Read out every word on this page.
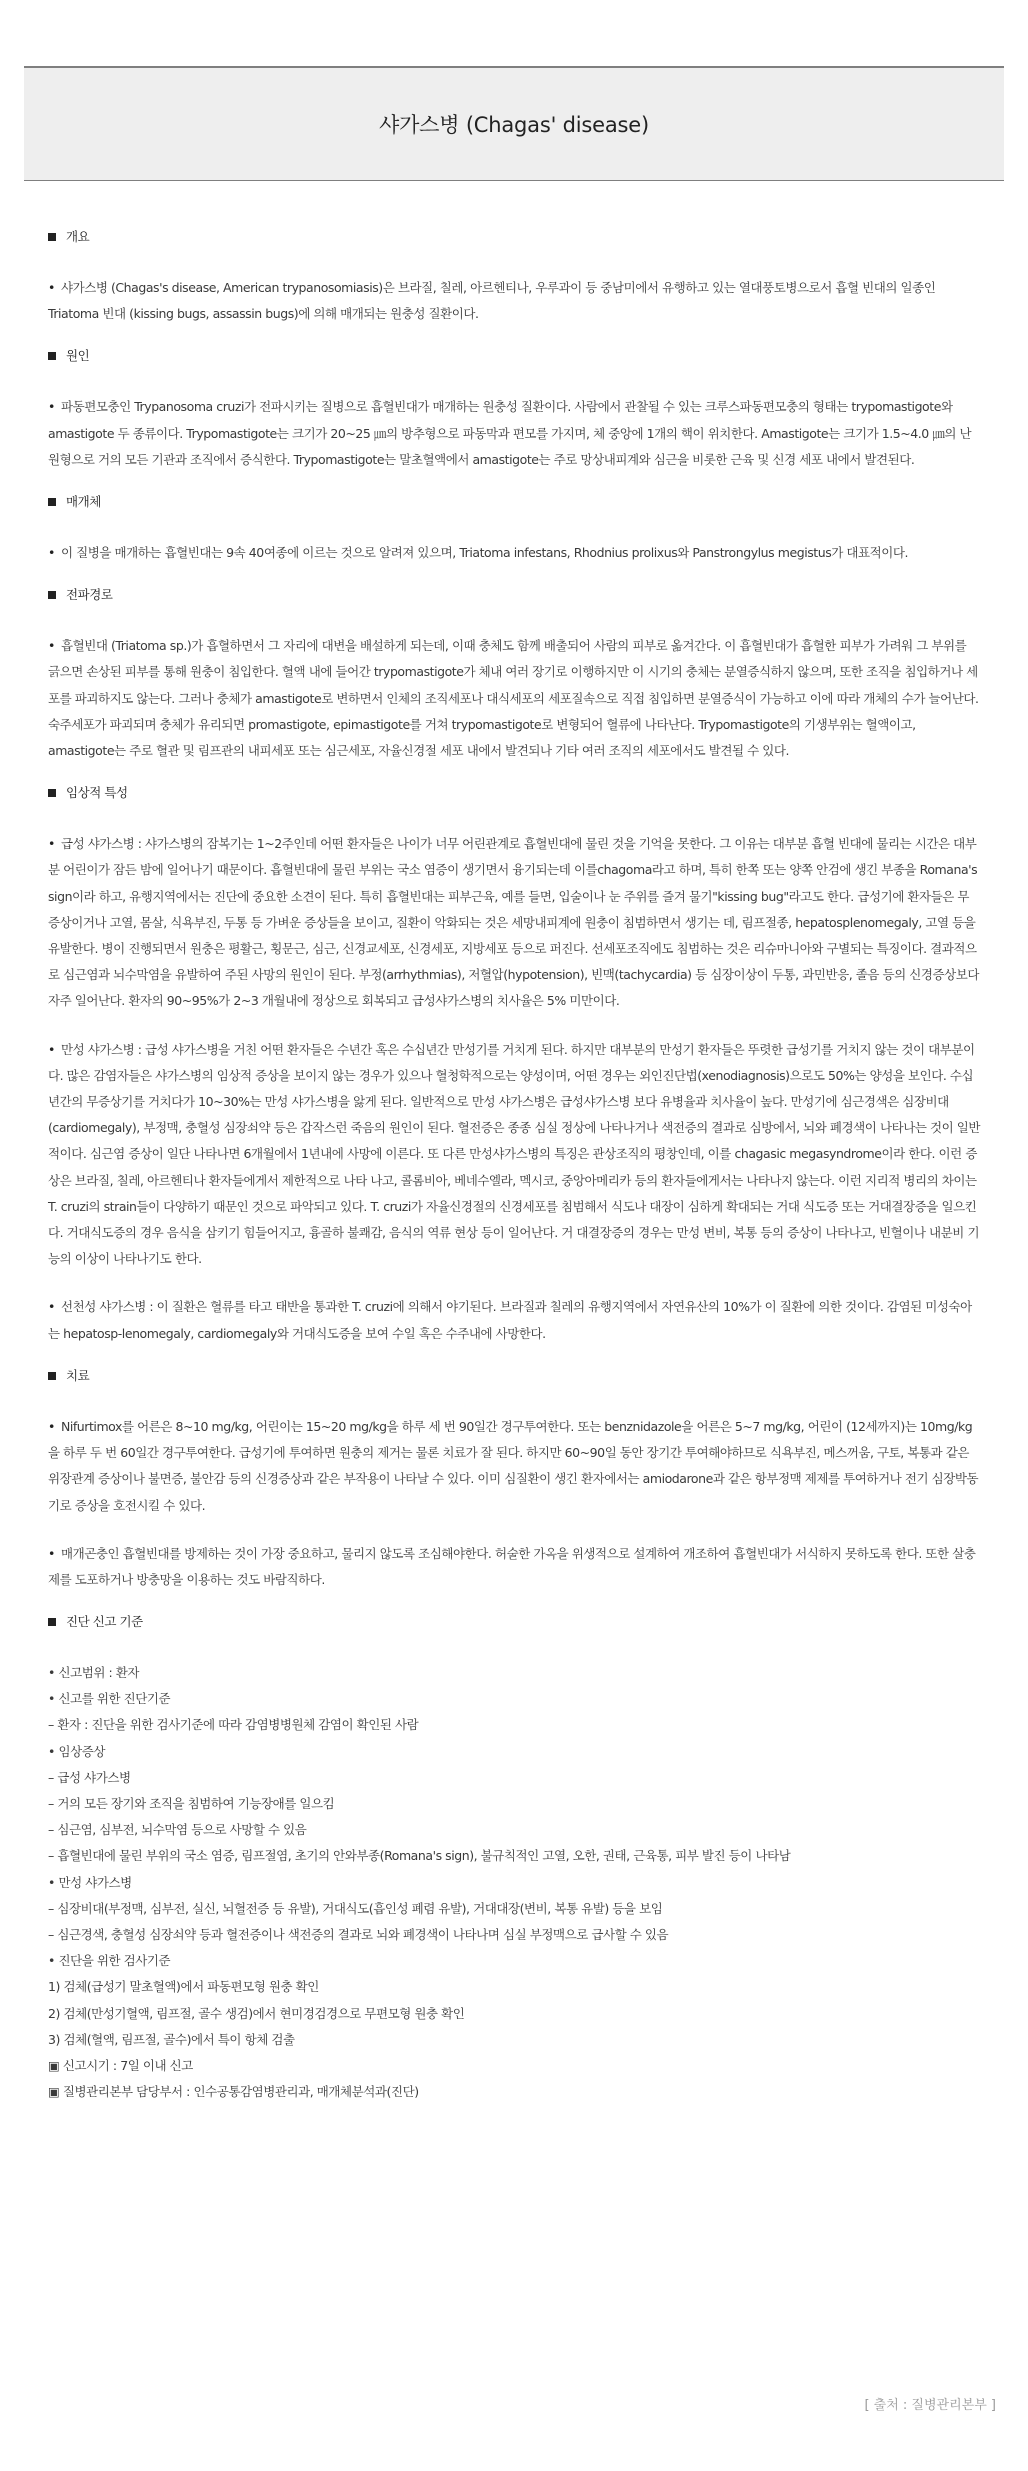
샤가스병 (Chagas' disease)
개요

• 샤가스병 (Chagas's disease, American trypanosomiasis)은 브라질, 칠레, 아르헨티나, 우루과이 등 중남미에서 유행하고 있는 열대풍토병으로서 흡혈 빈대의 일종인 Triatoma 빈대 (kissing bugs, assassin bugs)에 의해 매개되는 원충성 질환이다.

원인

• 파동편모충인 Trypanosoma cruzi가 전파시키는 질병으로 흡혈빈대가 매개하는 원충성 질환이다. 사람에서 관찰될 수 있는 크루스파동편모충의 형태는 trypomastigote와 amastigote 두 종류이다. Trypomastigote는 크기가 20~25 ㎛의 방추형으로 파동막과 편모를 가지며, 체 중앙에 1개의 핵이 위치한다. Amastigote는 크기가 1.5~4.0 ㎛의 난원형으로 거의 모든 기관과 조직에서 증식한다. Trypomastigote는 말초혈액에서 amastigote는 주로 망상내피계와 심근을 비롯한 근육 및 신경 세포 내에서 발견된다.

매개체

• 이 질병을 매개하는 흡혈빈대는 9속 40여종에 이르는 것으로 알려져 있으며, Triatoma infestans, Rhodnius prolixus와 Panstrongylus megistus가 대표적이다.

전파경로

• 흡혈빈대 (Triatoma sp.)가 흡혈하면서 그 자리에 대변을 배설하게 되는데, 이때 충체도 함께 배출되어 사람의 피부로 옮겨간다. 이 흡혈빈대가 흡혈한 피부가 가려워 그 부위를 긁으면 손상된 피부를 통해 원충이 침입한다. 혈액 내에 들어간 trypomastigote가 체내 여러 장기로 이행하지만 이 시기의 충체는 분열증식하지 않으며, 또한 조직을 침입하거나 세포를 파괴하지도 않는다. 그러나 충체가 amastigote로 변하면서 인체의 조직세포나 대식세포의 세포질속으로 직접 침입하면 분열증식이 가능하고 이에 따라 개체의 수가 늘어난다. 숙주세포가 파괴되며 충체가 유리되면 promastigote, epimastigote를 거쳐 trypomastigote로 변형되어 혈류에 나타난다. Trypomastigote의 기생부위는 혈액이고, amastigote는 주로 혈관 및 림프관의 내피세포 또는 심근세포, 자율신경절 세포 내에서 발견되나 기타 여러 조직의 세포에서도 발견될 수 있다.

임상적 특성

• 급성 샤가스병 : 샤가스병의 잠복기는 1~2주인데 어떤 환자들은 나이가 너무 어린관계로 흡혈빈대에 물린 것을 기억을 못한다. 그 이유는 대부분 흡혈 빈대에 물리는 시간은 대부분 어린이가 잠든 밤에 일어나기 때문이다. 흡혈빈대에 물린 부위는 국소 염증이 생기면서 융기되는데 이를chagoma라고 하며, 특히 한쪽 또는 양쪽 안검에 생긴 부종을 Romana's sign이라 하고, 유행지역에서는 진단에 중요한 소견이 된다. 특히 흡혈빈대는 피부근육, 예를 들면, 입술이나 눈 주위를 즐겨 물기"kissing bug"라고도 한다. 급성기에 환자들은 무증상이거나 고열, 몸살, 식욕부진, 두통 등 가벼운 증상들을 보이고, 질환이 악화되는 것은 세망내피계에 원충이 침범하면서 생기는 데, 림프절종, hepatosplenomegaly, 고열 등을 유발한다. 병이 진행되면서 원충은 평활근, 횡문근, 심근, 신경교세포, 신경세포, 지방세포 등으로 퍼진다. 선세포조직에도 침범하는 것은 리슈마니아와 구별되는 특징이다. 결과적으로 심근염과 뇌수막염을 유발하여 주된 사망의 원인이 된다. 부정(arrhythmias), 저혈압(hypotension), 빈맥(tachycardia) 등 심장이상이 두통, 과민반응, 졸음 등의 신경증상보다 자주 일어난다. 환자의 90~95%가 2~3 개월내에 정상으로 회복되고 급성샤가스병의 치사율은 5% 미만이다.

• 만성 샤가스병 : 급성 샤가스병을 거친 어떤 환자들은 수년간 혹은 수십년간 만성기를 거치게 된다. 하지만 대부분의 만성기 환자들은 뚜렷한 급성기를 거치지 않는 것이 대부분이다. 많은 감염자들은 샤가스병의 임상적 증상을 보이지 않는 경우가 있으나 혈청학적으로는 양성이며, 어떤 경우는 외인진단법(xenodiagnosis)으로도 50%는 양성을 보인다. 수십년간의 무증상기를 거치다가 10~30%는 만성 샤가스병을 앓게 된다. 일반적으로 만성 샤가스병은 급성샤가스병 보다 유병율과 치사율이 높다. 만성기에 심근경색은 심장비대 (cardiomegaly), 부정맥, 충혈성 심장쇠약 등은 갑작스런 죽음의 원인이 된다. 혈전증은 종종 심실 정상에 나타나거나 색전증의 결과로 심방에서, 뇌와 폐경색이 나타나는 것이 일반적이다. 심근염 증상이 일단 나타나면 6개월에서 1년내에 사망에 이른다. 또 다른 만성샤가스병의 특징은 관상조직의 평창인데, 이를 chagasic megasyndrome이라 한다. 이런 증상은 브라질, 칠레, 아르헨티나 환자들에게서 제한적으로 나타 나고, 콜롬비아, 베네수엘라, 멕시코, 중앙아메리카 등의 환자들에게서는 나타나지 않는다. 이런 지리적 병리의 차이는 T. cruzi의 strain들이 다양하기 때문인 것으로 파악되고 있다. T. cruzi가 자율신경절의 신경세포를 침범해서 식도나 대장이 심하게 확대되는 거대 식도증 또는 거대결장증을 일으킨다. 거대식도증의 경우 음식을 삼키기 힘들어지고, 흉골하 불쾌감, 음식의 역류 현상 등이 일어난다. 거 대결장증의 경우는 만성 변비, 복통 등의 증상이 나타나고, 빈혈이나 내분비 기능의 이상이 나타나기도 한다.

• 선천성 샤가스병 : 이 질환은 혈류를 타고 태반을 통과한 T. cruzi에 의해서 야기된다. 브라질과 칠레의 유행지역에서 자연유산의 10%가 이 질환에 의한 것이다. 감염된 미성숙아는 hepatosp-lenomegaly, cardiomegaly와 거대식도증을 보여 수일 혹은 수주내에 사망한다.

치료

• Nifurtimox를 어른은 8~10 mg/kg, 어린이는 15~20 mg/kg을 하루 세 번 90일간 경구투여한다. 또는 benznidazole을 어른은 5~7 mg/kg, 어린이 (12세까지)는 10mg/kg을 하루 두 번 60일간 경구투여한다. 급성기에 투여하면 원충의 제거는 물론 치료가 잘 된다. 하지만 60~90일 동안 장기간 투여해야하므로 식욕부진, 메스꺼움, 구토, 복통과 같은 위장관계 증상이나 불면증, 불안감 등의 신경증상과 같은 부작용이 나타날 수 있다. 이미 심질환이 생긴 환자에서는 amiodarone과 같은 항부정맥 제제를 투여하거나 전기 심장박동기로 증상을 호전시킬 수 있다.

• 매개곤충인 흡혈빈대를 방제하는 것이 가장 중요하고, 물리지 않도록 조심해야한다. 허술한 가옥을 위생적으로 설계하여 개조하여 흡혈빈대가 서식하지 못하도록 한다. 또한 살충제를 도포하거나 방충망을 이용하는 것도 바람직하다.

진단 신고 기준

• 신고범위 : 환자

• 신고를 위한 진단기준

– 환자 : 진단을 위한 검사기준에 따라 감염병병원체 감염이 확인된 사람

• 임상증상

– 급성 샤가스병

– 거의 모든 장기와 조직을 침범하여 기능장애를 일으킴

– 심근염, 심부전, 뇌수막염 등으로 사망할 수 있음

– 흡혈빈대에 물린 부위의 국소 염증, 림프절염, 초기의 안와부종(Romana's sign), 불규칙적인 고열, 오한, 권태, 근육통, 피부 발진 등이 나타남

• 만성 샤가스병

– 심장비대(부정맥, 심부전, 실신, 뇌혈전증 등 유발), 거대식도(흡인성 폐렴 유발), 거대대장(변비, 복통 유발) 등을 보임

– 심근경색, 충혈성 심장쇠약 등과 혈전증이나 색전증의 결과로 뇌와 폐경색이 나타나며 심실 부정맥으로 급사할 수 있음

• 진단을 위한 검사기준

1) 검체(급성기 말초혈액)에서 파동편모형 원충 확인

2) 검체(만성기혈액, 림프절, 골수 생검)에서 현미경검경으로 무편모형 원충 확인

3) 검체(혈액, 림프절, 골수)에서 특이 항체 검출

▣ 신고시기 : 7일 이내 신고

▣ 질병관리본부 담당부서 : 인수공통감염병관리과, 매개체분석과(진단)

[ 출처 : 질병관리본부 ]
